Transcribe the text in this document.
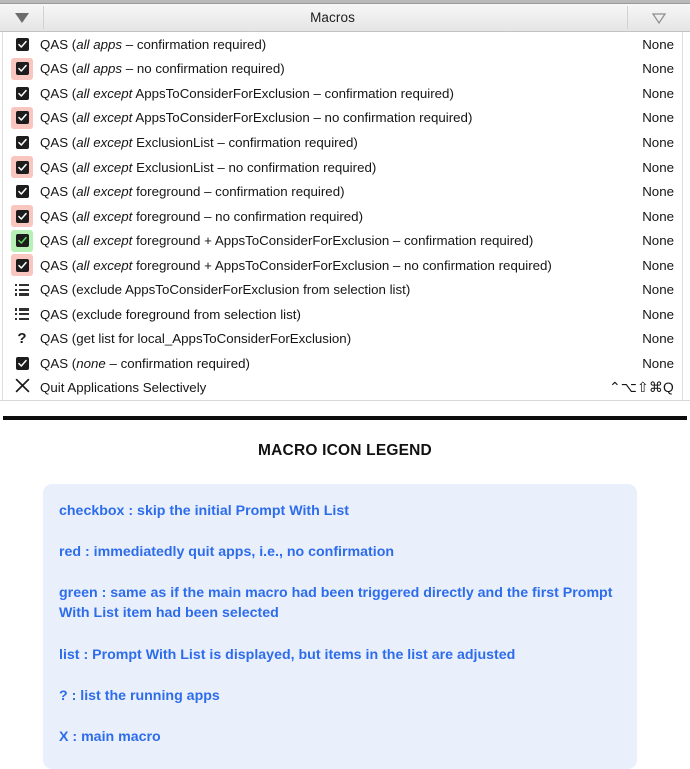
Macros
QAS (all apps – confirmation required)	None
QAS (all apps – no confirmation required)	None
QAS (all except AppsToConsiderForExclusion – confirmation required)	None
QAS (all except AppsToConsiderForExclusion – no confirmation required)	None
QAS (all except ExclusionList – confirmation required)	None
QAS (all except ExclusionList – no confirmation required)	None
QAS (all except foreground – confirmation required)	None
QAS (all except foreground – no confirmation required)	None
QAS (all except foreground + AppsToConsiderForExclusion – confirmation required)	None
QAS (all except foreground + AppsToConsiderForExclusion – no confirmation required)	None
QAS (exclude AppsToConsiderForExclusion from selection list)	None
QAS (exclude foreground from selection list)	None
? QAS (get list for local_AppsToConsiderForExclusion)	None
QAS (none – confirmation required)	None
Quit Applications Selectively	⌃⌥⇧⌘Q
MACRO ICON LEGEND

checkbox : skip the initial Prompt With List

red : immediatedly quit apps, i.e., no confirmation

green : same as if the main macro had been triggered directly and the first Prompt With List item had been selected

list : Prompt With List is displayed, but items in the list are adjusted

? : list the running apps

X : main macro
